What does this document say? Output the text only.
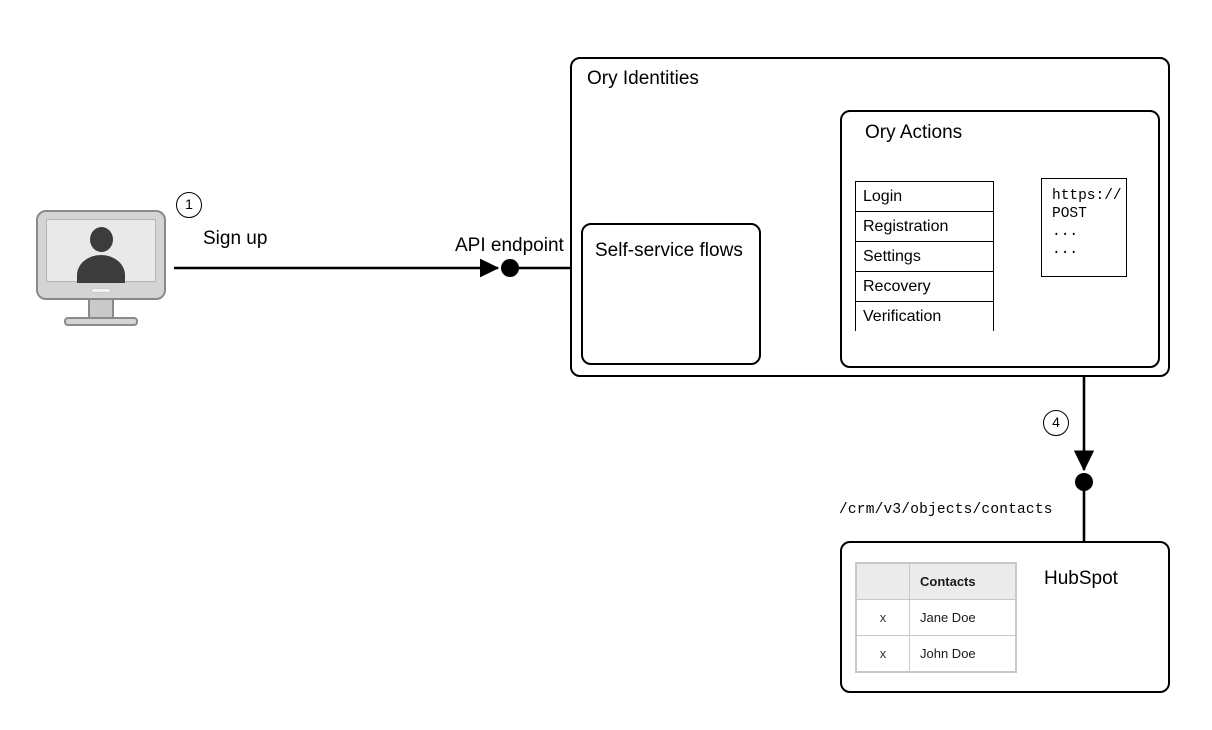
1
4
Sign up	API endpoint
/crm/v3/objects/contacts
Ory Identities
Self-service flows
Ory Actions
Login
Registration
Settings
Recovery
Verification
https://
POST
...
...
HubSpot
	Contacts
x	Jane Doe
x	John Doe
